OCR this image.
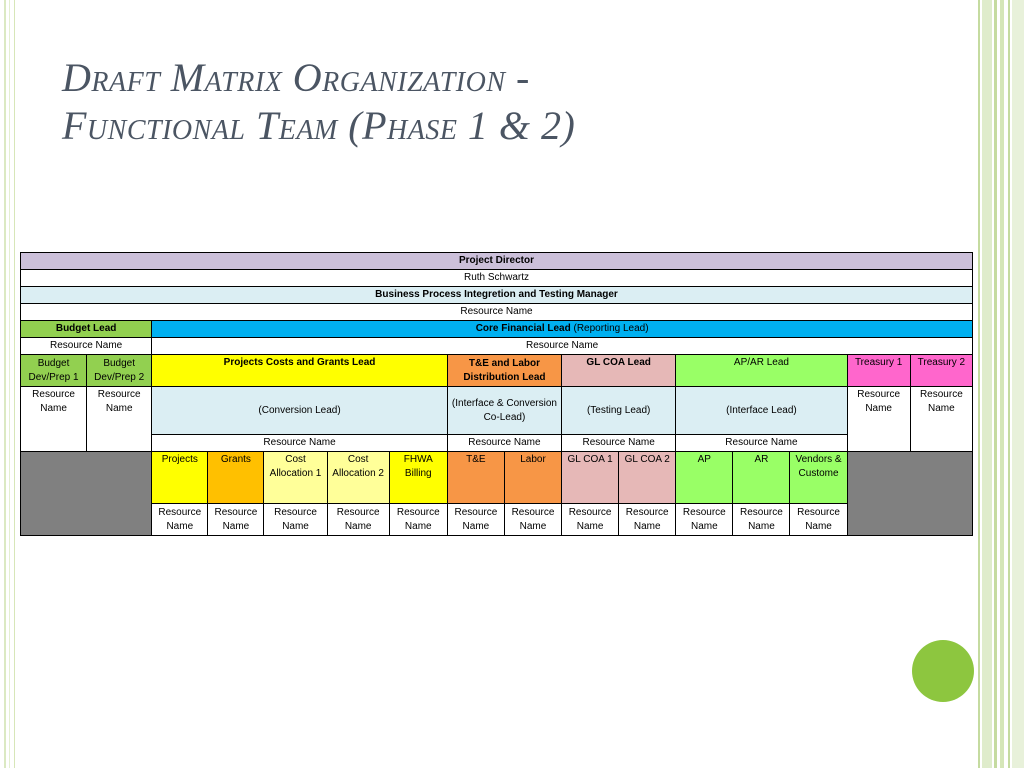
Draft Matrix Organization -
Functional Team (Phase 1 & 2)
Project Director															
Ruth Schwartz															
Business Process Integretion and Testing Manager															
Resource Name															
Budget Lead		Core Financial Lead (Reporting Lead)													
Resource Name		Resource Name													
Budget Dev/Prep 1	Budget Dev/Prep 2	Projects Costs and Grants Lead					T&E and Labor Distribution Lead		GL COA Lead		AP/AR Lead			Treasury 1	Treasury 2
Resource Name	Resource Name	(Conversion Lead)					(Interface & Conversion Co-Lead)		(Testing Lead)		(Interface Lead)			Resource Name	Resource Name
		Resource Name					Resource Name		Resource Name		Resource Name				
		Projects	Grants	Cost Allocation 1	Cost Allocation 2	FHWA Billing	T&E	Labor	GL COA 1	GL COA 2	AP	AR	Vendors & Custome		
		Resource Name	Resource Name	Resource Name	Resource Name	Resource Name	Resource Name	Resource Name	Resource Name	Resource Name	Resource Name	Resource Name	Resource Name		
